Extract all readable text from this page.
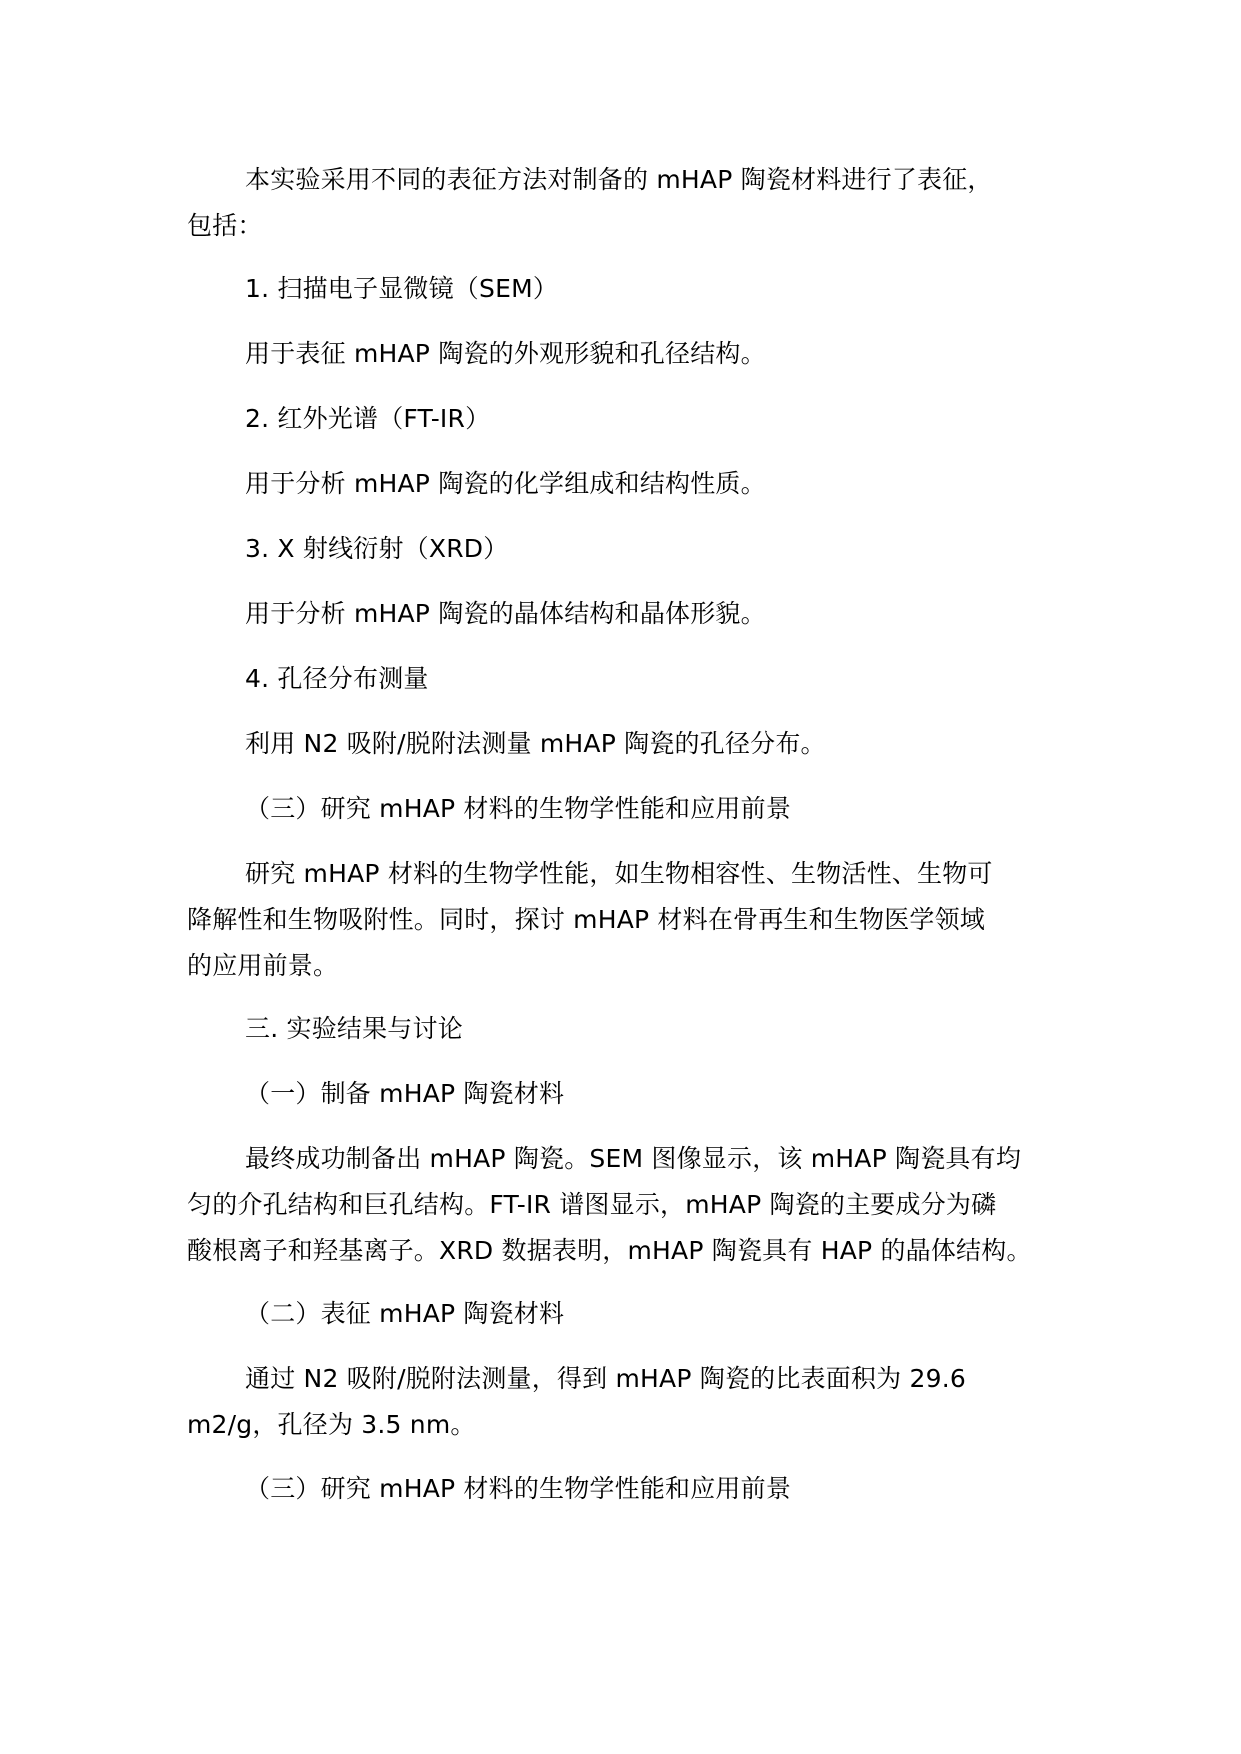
本实验采用不同的表征方法对制备的 mHAP 陶瓷材料进行了表征，
包括：
1. 扫描电子显微镜（SEM）
用于表征 mHAP 陶瓷的外观形貌和孔径结构。
2. 红外光谱（FT-IR）
用于分析 mHAP 陶瓷的化学组成和结构性质。
3. X 射线衍射（XRD）
用于分析 mHAP 陶瓷的晶体结构和晶体形貌。
4. 孔径分布测量
利用 N2 吸附/脱附法测量 mHAP 陶瓷的孔径分布。
（三）研究 mHAP 材料的生物学性能和应用前景
研究 mHAP 材料的生物学性能，如生物相容性、生物活性、生物可
降解性和生物吸附性。同时，探讨 mHAP 材料在骨再生和生物医学领域
的应用前景。
三. 实验结果与讨论
（一）制备 mHAP 陶瓷材料
最终成功制备出 mHAP 陶瓷。SEM 图像显示，该 mHAP 陶瓷具有均
匀的介孔结构和巨孔结构。FT-IR 谱图显示，mHAP 陶瓷的主要成分为磷
酸根离子和羟基离子。XRD 数据表明，mHAP 陶瓷具有 HAP 的晶体结构。
（二）表征 mHAP 陶瓷材料
通过 N2 吸附/脱附法测量，得到 mHAP 陶瓷的比表面积为 29.6
m2/g，孔径为 3.5 nm。
（三）研究 mHAP 材料的生物学性能和应用前景
